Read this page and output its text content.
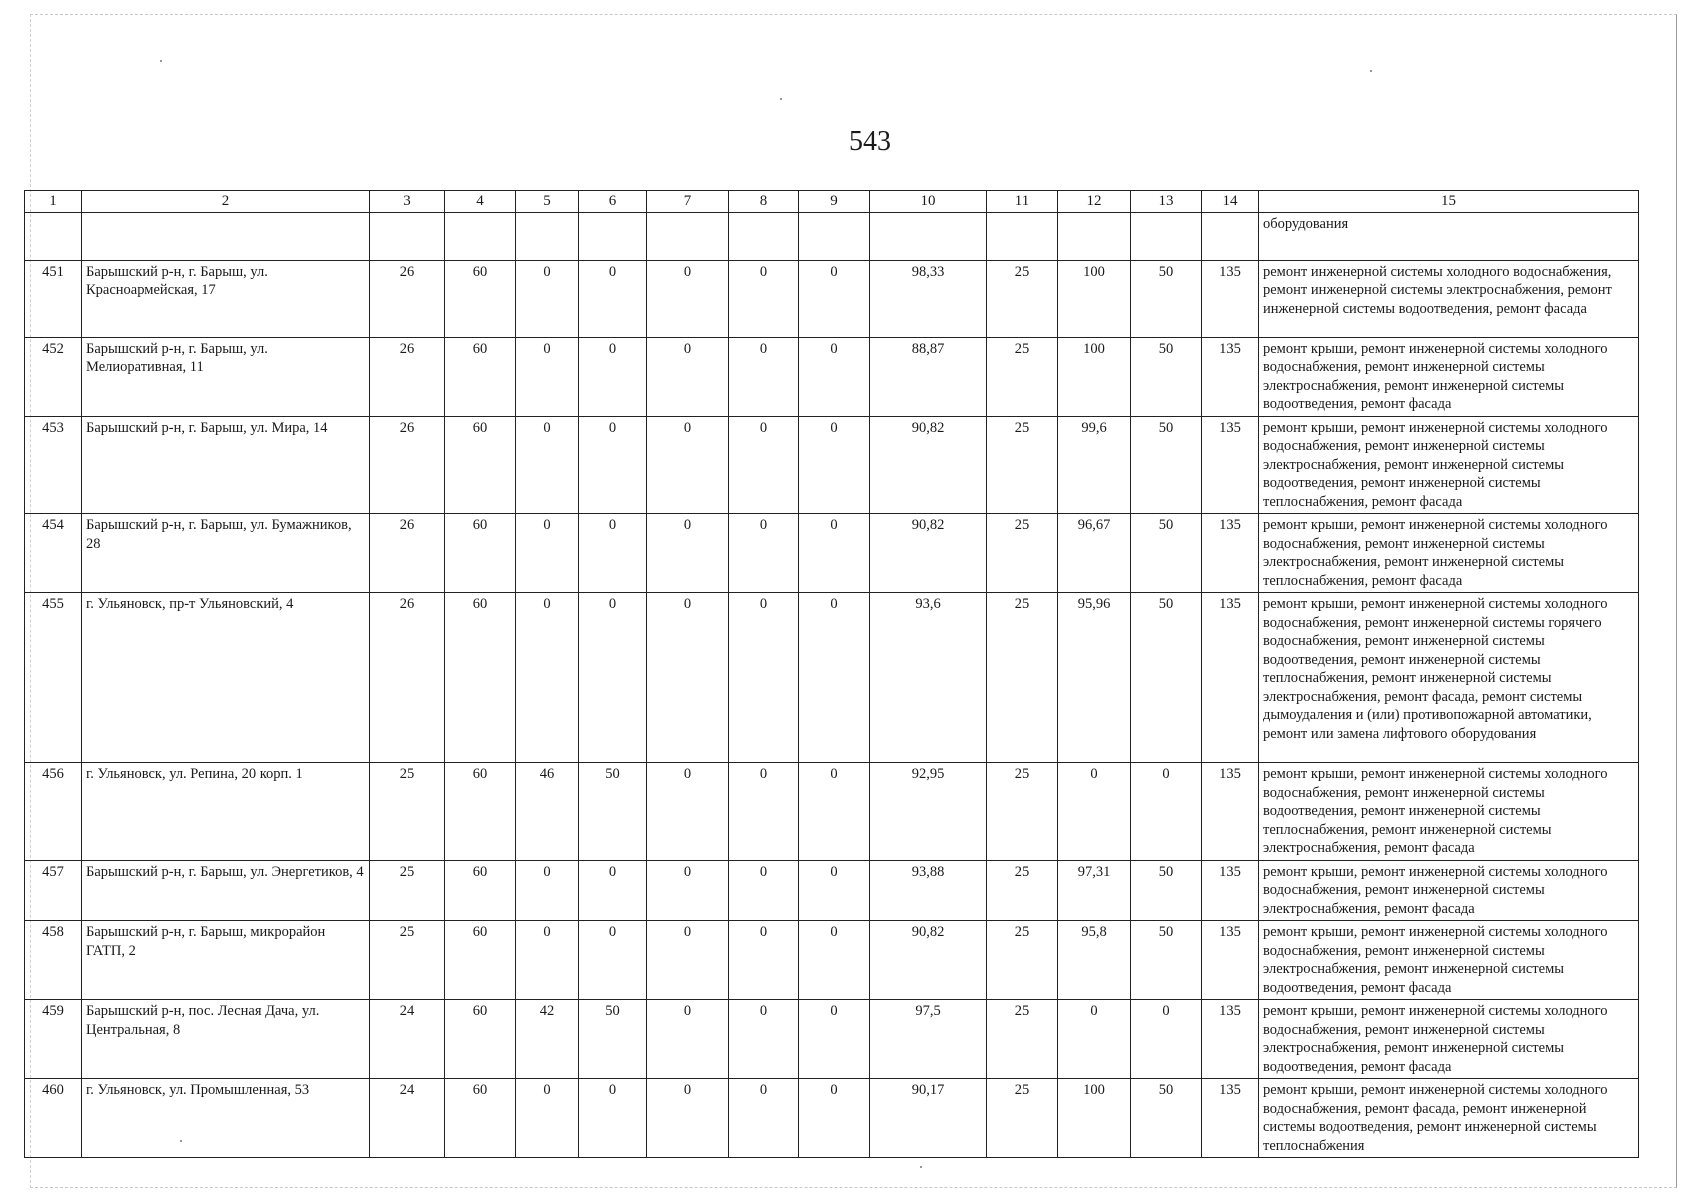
543
1	2	3	4	5	6	7	8	9	10	11	12	13	14	15
														оборудования
451	Барышский р-н, г. Барыш, ул. Красноармейская, 17	26	60	0	0	0	0	0	98,33	25	100	50	135	ремонт инженерной системы холодного водоснабжения, ремонт инженерной системы электроснабжения, ремонт инженерной системы водоотведения, ремонт фасада
452	Барышский р-н, г. Барыш, ул. Мелиоративная, 11	26	60	0	0	0	0	0	88,87	25	100	50	135	ремонт крыши, ремонт инженерной системы холодного водоснабжения, ремонт инженерной системы электроснабжения, ремонт инженерной системы водоотведения, ремонт фасада
453	Барышский р-н, г. Барыш, ул. Мира, 14	26	60	0	0	0	0	0	90,82	25	99,6	50	135	ремонт крыши, ремонт инженерной системы холодного водоснабжения, ремонт инженерной системы электроснабжения, ремонт инженерной системы водоотведения, ремонт инженерной системы теплоснабжения, ремонт фасада
454	Барышский р-н, г. Барыш, ул. Бумажников, 28	26	60	0	0	0	0	0	90,82	25	96,67	50	135	ремонт крыши, ремонт инженерной системы холодного водоснабжения, ремонт инженерной системы электроснабжения, ремонт инженерной системы теплоснабжения, ремонт фасада
455	г. Ульяновск, пр-т Ульяновский, 4	26	60	0	0	0	0	0	93,6	25	95,96	50	135	ремонт крыши, ремонт инженерной системы холодного водоснабжения, ремонт инженерной системы горячего водоснабжения, ремонт инженерной системы водоотведения, ремонт инженерной системы теплоснабжения, ремонт инженерной системы электроснабжения, ремонт фасада, ремонт системы дымоудаления и (или) противопожарной автоматики, ремонт или замена лифтового оборудования
456	г. Ульяновск, ул. Репина, 20 корп. 1	25	60	46	50	0	0	0	92,95	25	0	0	135	ремонт крыши, ремонт инженерной системы холодного водоснабжения, ремонт инженерной системы водоотведения, ремонт инженерной системы теплоснабжения, ремонт инженерной системы электроснабжения, ремонт фасада
457	Барышский р-н, г. Барыш, ул. Энергетиков, 4	25	60	0	0	0	0	0	93,88	25	97,31	50	135	ремонт крыши, ремонт инженерной системы холодного водоснабжения, ремонт инженерной системы электроснабжения, ремонт фасада
458	Барышский р-н, г. Барыш, микрорайон ГАТП, 2	25	60	0	0	0	0	0	90,82	25	95,8	50	135	ремонт крыши, ремонт инженерной системы холодного водоснабжения, ремонт инженерной системы электроснабжения, ремонт инженерной системы водоотведения, ремонт фасада
459	Барышский р-н, пос. Лесная Дача, ул. Центральная, 8	24	60	42	50	0	0	0	97,5	25	0	0	135	ремонт крыши, ремонт инженерной системы холодного водоснабжения, ремонт инженерной системы электроснабжения, ремонт инженерной системы водоотведения, ремонт фасада
460	г. Ульяновск, ул. Промышленная, 53	24	60	0	0	0	0	0	90,17	25	100	50	135	ремонт крыши, ремонт инженерной системы холодного водоснабжения, ремонт фасада, ремонт инженерной системы водоотведения, ремонт инженерной системы теплоснабжения
